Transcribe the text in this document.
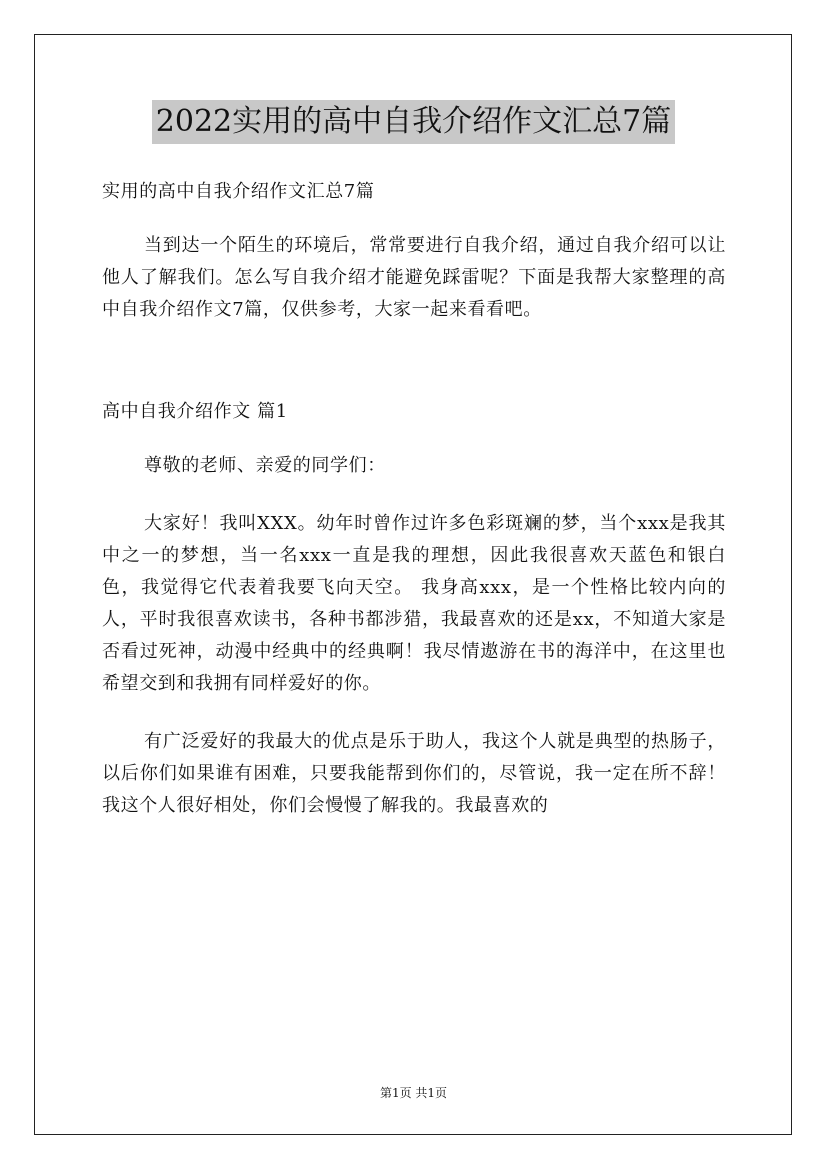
2022实用的高中自我介绍作文汇总7篇

实用的高中自我介绍作文汇总7篇

当到达一个陌生的环境后，常常要进行自我介绍，通过自我介绍可以让他人了解我们。怎么写自我介绍才能避免踩雷呢？下面是我帮大家整理的高中自我介绍作文7篇，仅供参考，大家一起来看看吧。

高中自我介绍作文 篇1

尊敬的老师、亲爱的同学们：

大家好！我叫XXX。幼年时曾作过许多色彩斑斓的梦，当个xxx是我其中之一的梦想，当一名xxx一直是我的理想，因此我很喜欢天蓝色和银白色，我觉得它代表着我要飞向天空。 我身高xxx，是一个性格比较内向的人，平时我很喜欢读书，各种书都涉猎，我最喜欢的还是xx，不知道大家是否看过死神，动漫中经典中的经典啊！我尽情遨游在书的海洋中，在这里也希望交到和我拥有同样爱好的你。

有广泛爱好的我最大的优点是乐于助人，我这个人就是典型的热肠子，以后你们如果谁有困难，只要我能帮到你们的，尽管说，我一定在所不辞！我这个人很好相处，你们会慢慢了解我的。我最喜欢的

第1页 共1页
